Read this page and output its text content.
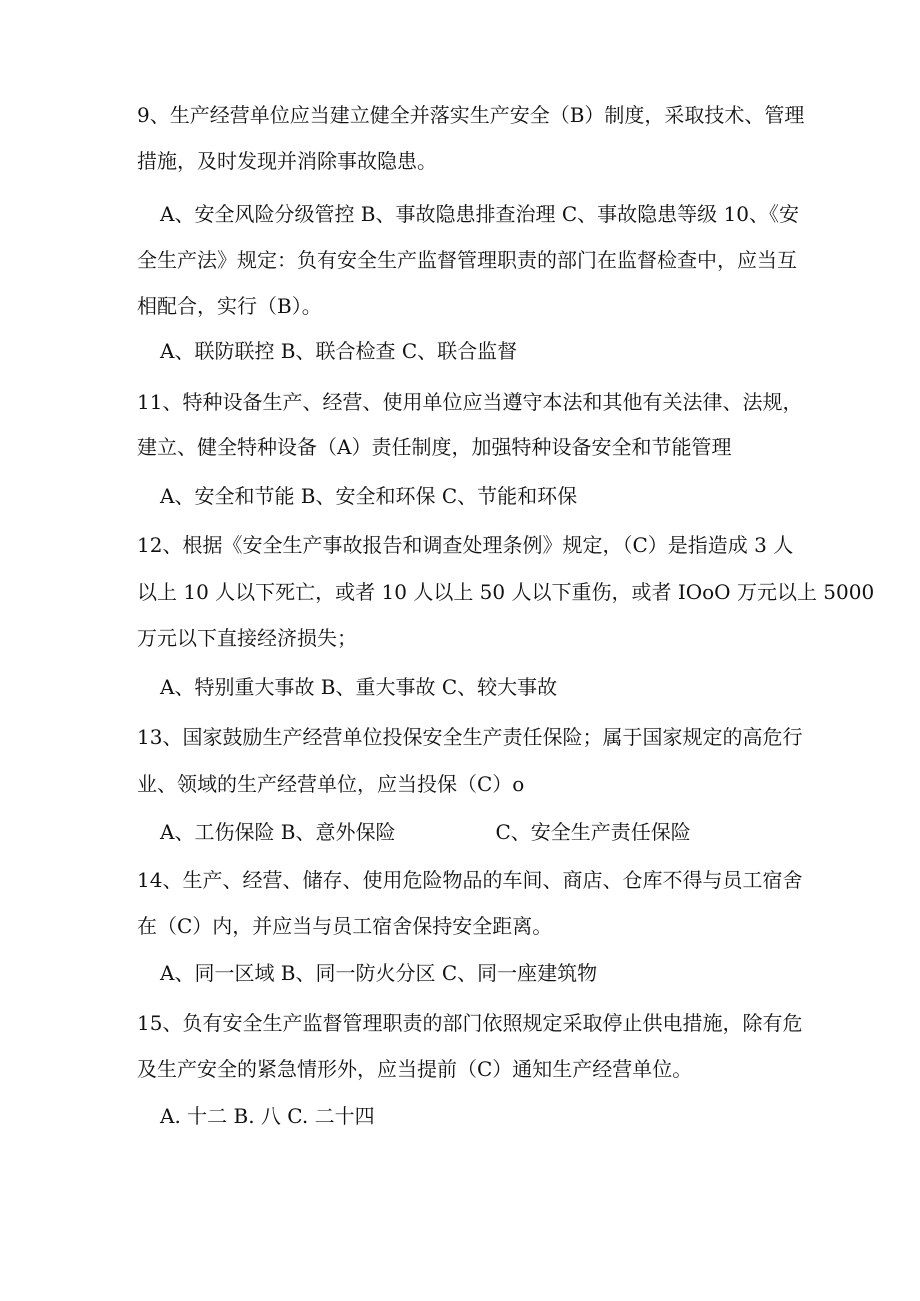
9、生产经营单位应当建立健全并落实生产安全（B）制度，采取技术、管理
措施，及时发现并消除事故隐患。
A、安全风险分级管控 B、事故隐患排查治理 C、事故隐患等级 10、《安
全生产法》规定：负有安全生产监督管理职责的部门在监督检查中，应当互
相配合，实行（B）。
A、联防联控 B、联合检查 C、联合监督
11、特种设备生产、经营、使用单位应当遵守本法和其他有关法律、法规，
建立、健全特种设备（A）责任制度，加强特种设备安全和节能管理
A、安全和节能 B、安全和环保 C、节能和环保
12、根据《安全生产事故报告和调查处理条例》规定，（C）是指造成 3 人
以上 10 人以下死亡，或者 10 人以上 50 人以下重伤，或者 IOoO 万元以上 5000
万元以下直接经济损失；
A、特别重大事故 B、重大事故 C、较大事故
13、国家鼓励生产经营单位投保安全生产责任保险；属于国家规定的高危行
业、领域的生产经营单位，应当投保（C）o
A、工伤保险 B、意外保险	C、安全生产责任保险
14、生产、经营、储存、使用危险物品的车间、商店、仓库不得与员工宿舍
在（C）内，并应当与员工宿舍保持安全距离。
A、同一区域 B、同一防火分区 C、同一座建筑物
15、负有安全生产监督管理职责的部门依照规定采取停止供电措施，除有危
及生产安全的紧急情形外，应当提前（C）通知生产经营单位。
A. 十二 B. 八 C. 二十四
